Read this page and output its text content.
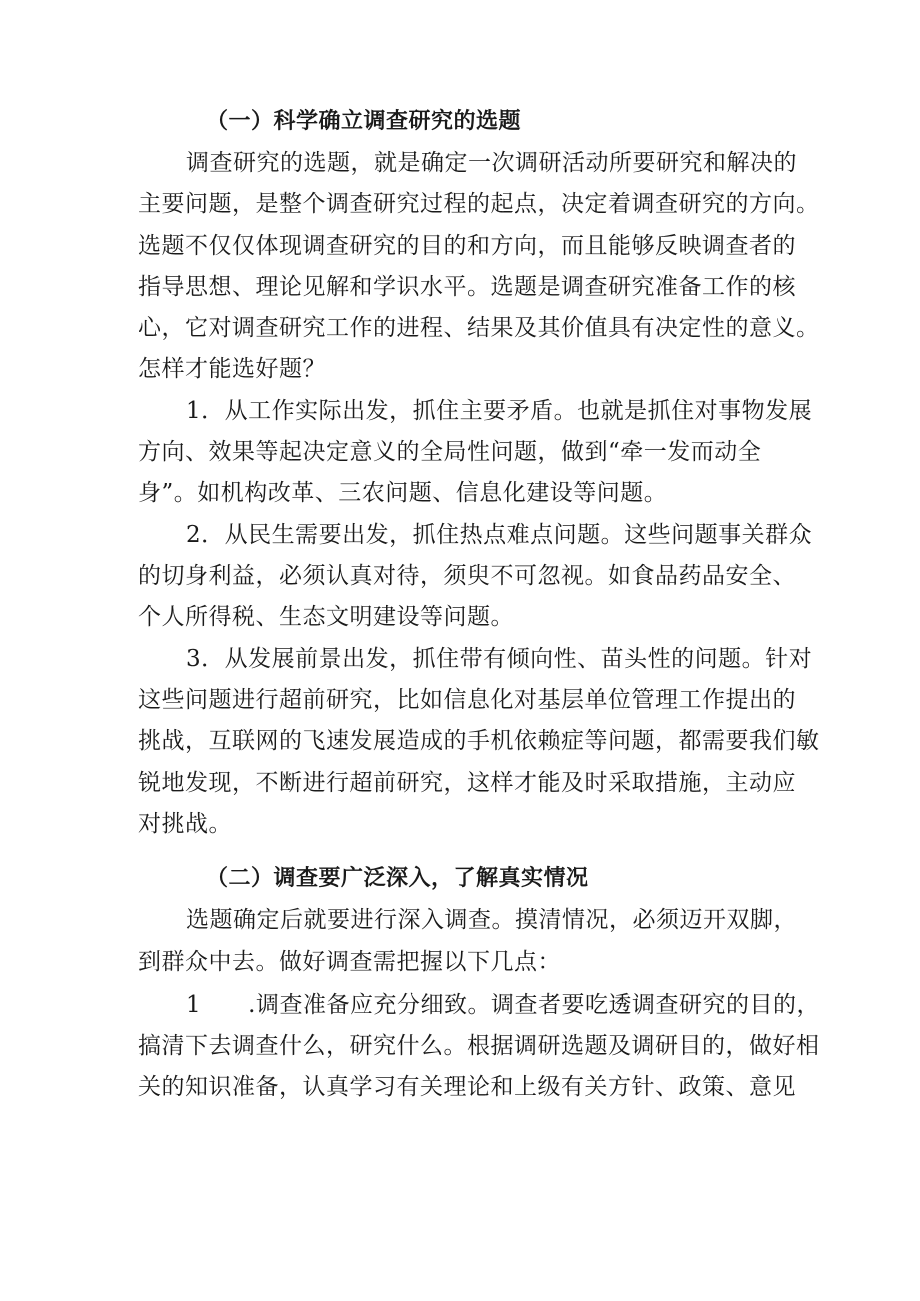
（一）科学确立调查研究的选题
调查研究的选题，就是确定一次调研活动所要研究和解决的
主要问题，是整个调查研究过程的起点，决定着调查研究的方向。
选题不仅仅体现调查研究的目的和方向，而且能够反映调查者的
指导思想、理论见解和学识水平。选题是调查研究准备工作的核
心，它对调查研究工作的进程、结果及其价值具有决定性的意义。
怎样才能选好题？
1．从工作实际出发，抓住主要矛盾。也就是抓住对事物发展
方向、效果等起决定意义的全局性问题，做到“牵一发而动全
身”。如机构改革、三农问题、信息化建设等问题。
2．从民生需要出发，抓住热点难点问题。这些问题事关群众
的切身利益，必须认真对待，须臾不可忽视。如食品药品安全、
个人所得税、生态文明建设等问题。
3．从发展前景出发，抓住带有倾向性、苗头性的问题。针对
这些问题进行超前研究，比如信息化对基层单位管理工作提出的
挑战，互联网的飞速发展造成的手机依赖症等问题，都需要我们敏
锐地发现，不断进行超前研究，这样才能及时采取措施，主动应
对挑战。
（二）调查要广泛深入，了解真实情况
选题确定后就要进行深入调查。摸清情况，必须迈开双脚，
到群众中去。做好调查需把握以下几点：
1　　.调查准备应充分细致。调查者要吃透调查研究的目的，
搞清下去调查什么，研究什么。根据调研选题及调研目的，做好相
关的知识准备，认真学习有关理论和上级有关方针、政策、意见
